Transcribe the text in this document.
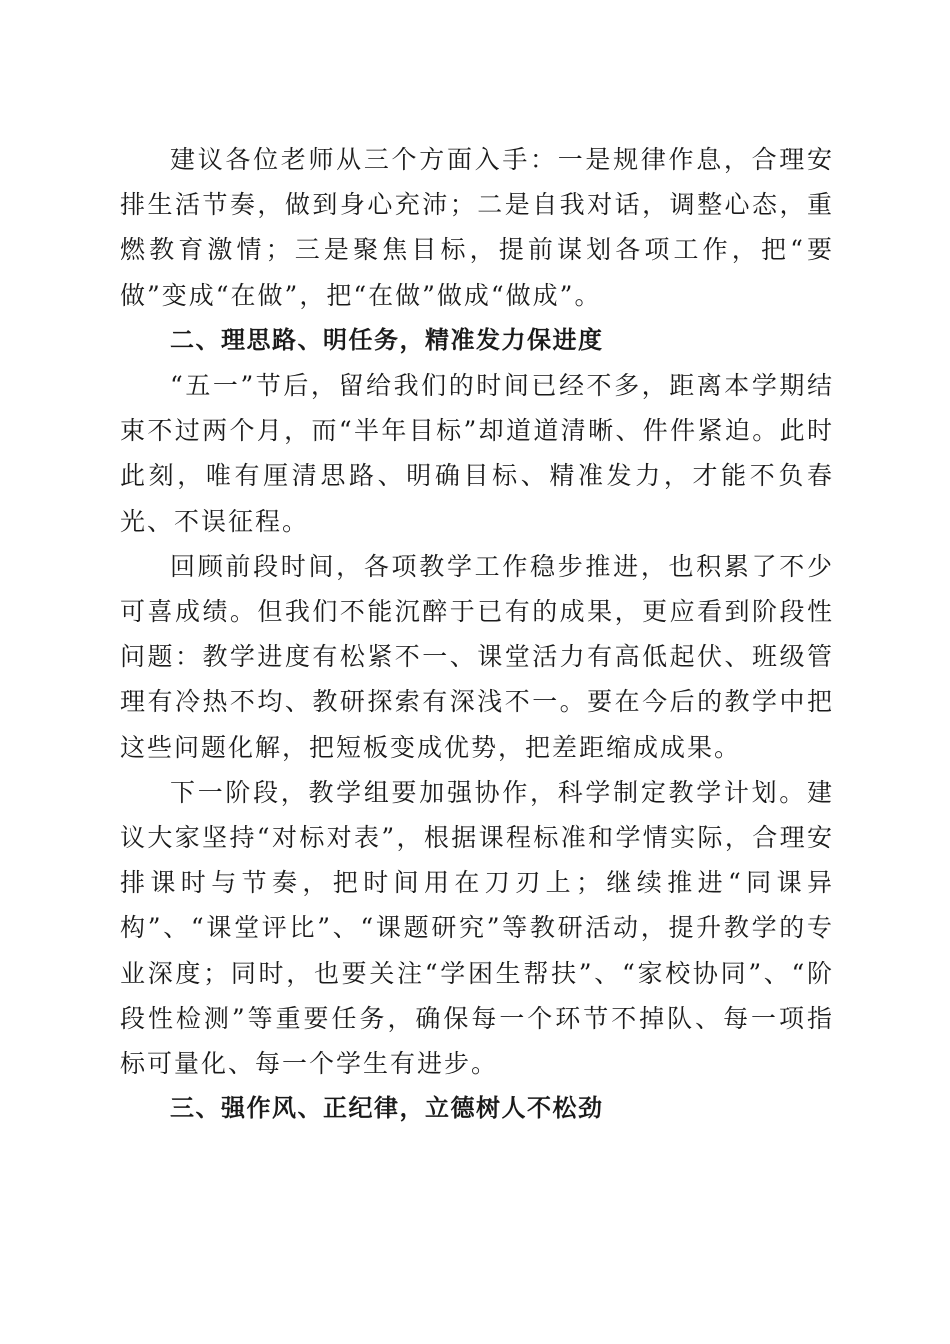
建议各位老师从三个方面入手：一是规律作息，合理安排生活节奏，做到身心充沛；二是自我对话，调整心态，重燃教育激情；三是聚焦目标，提前谋划各项工作，把“要做”变成“在做”，把“在做”做成“做成”。

二、理思路、明任务，精准发力保进度

“五一”节后，留给我们的时间已经不多，距离本学期结束不过两个月，而“半年目标”却道道清晰、件件紧迫。此时此刻，唯有厘清思路、明确目标、精准发力，才能不负春光、不误征程。

回顾前段时间，各项教学工作稳步推进，也积累了不少可喜成绩。但我们不能沉醉于已有的成果，更应看到阶段性问题：教学进度有松紧不一、课堂活力有高低起伏、班级管理有冷热不均、教研探索有深浅不一。要在今后的教学中把这些问题化解，把短板变成优势，把差距缩成成果。

下一阶段，教学组要加强协作，科学制定教学计划。建议大家坚持“对标对表”，根据课程标准和学情实际，合理安排课时与节奏，把时间用在刀刃上；继续推进“同课异构”、“课堂评比”、“课题研究”等教研活动，提升教学的专业深度；同时，也要关注“学困生帮扶”、“家校协同”、“阶段性检测”等重要任务，确保每一个环节不掉队、每一项指标可量化、每一个学生有进步。

三、强作风、正纪律，立德树人不松劲
